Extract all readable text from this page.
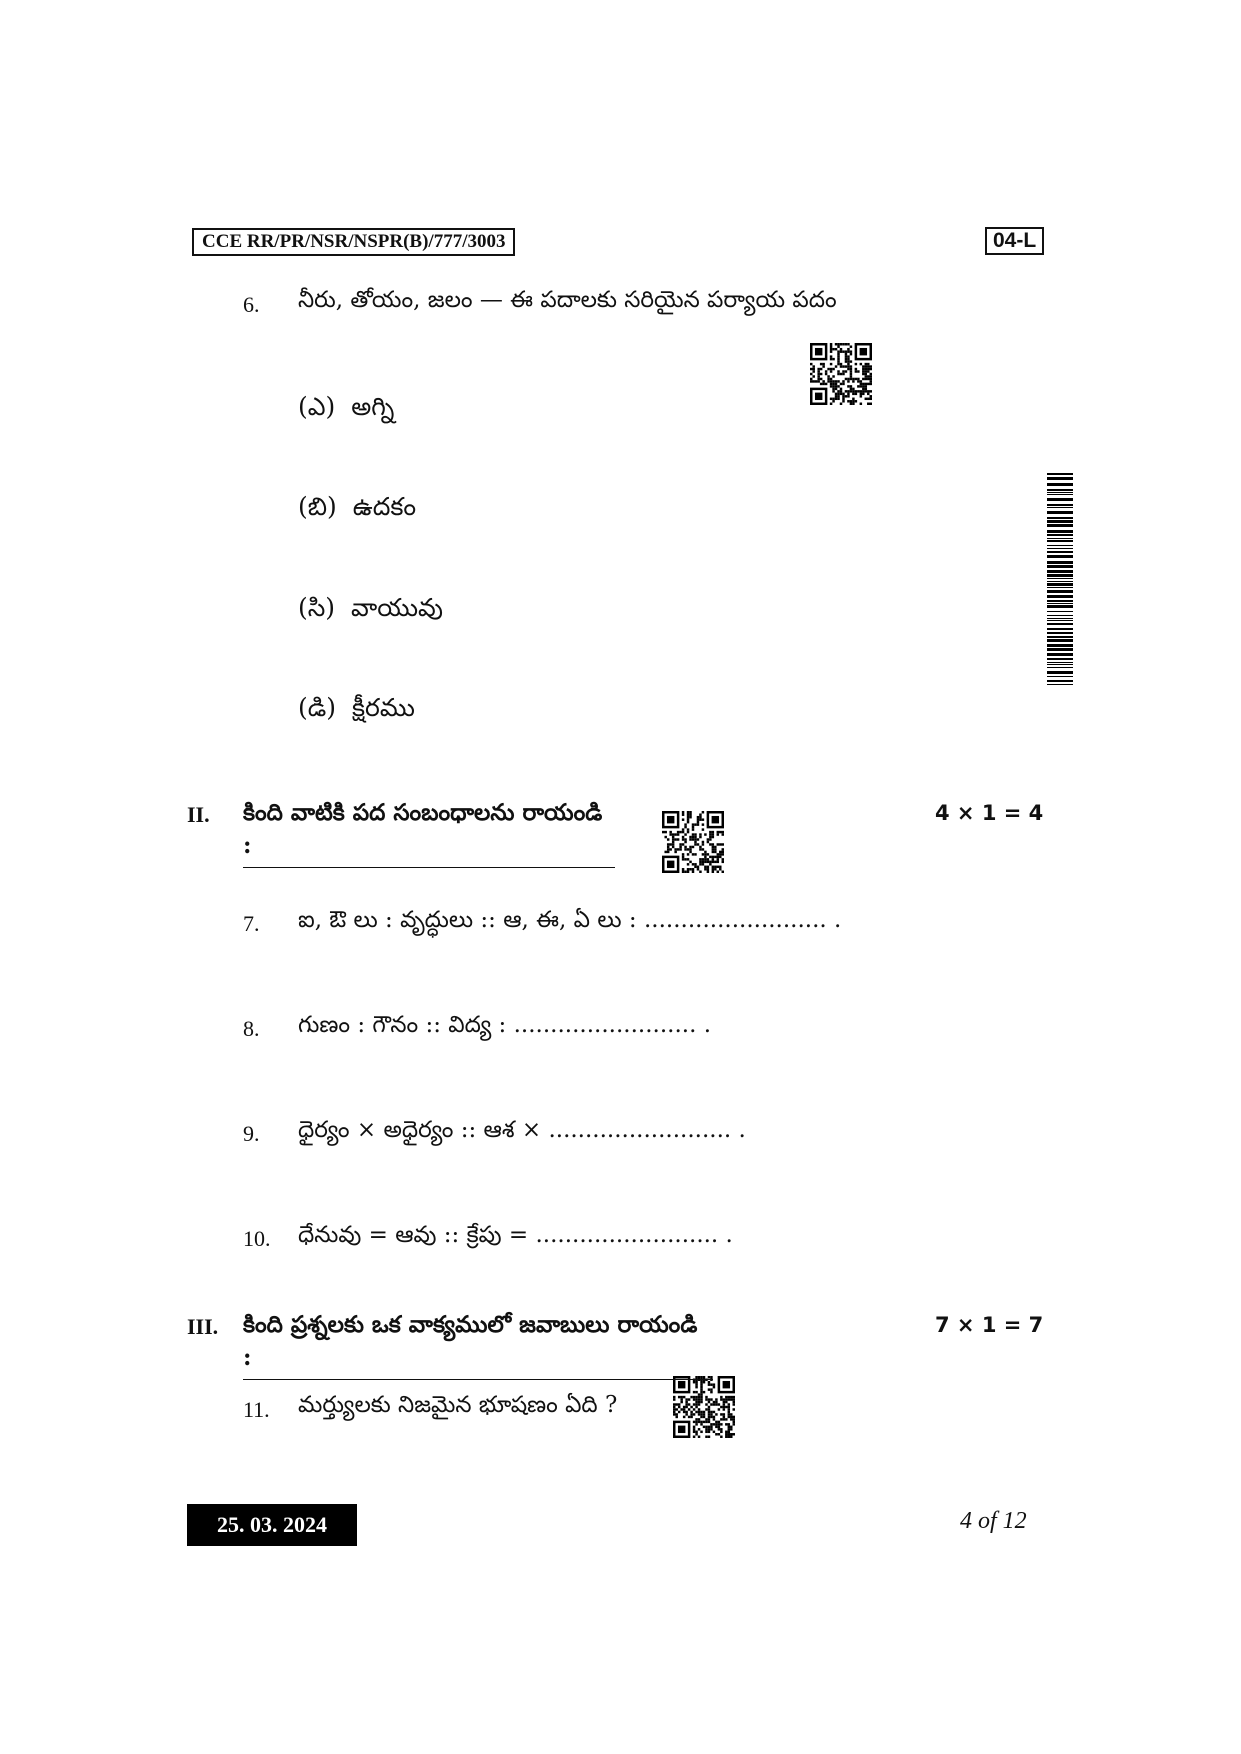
CCE RR/PR/NSR/NSPR(B)/777/3003	04-L
6. నీరు, తోయం, జలం — ఈ పదాలకు సరియైన పర్యాయ పదం
(ఎ) అగ్ని
(బి) ఉదకం
(సి) వాయువు
(డి) క్షీరము
II. కింది వాటికి పద సంబంధాలను రాయండి :
4 × 1 = 4
7. ఐ, ఔ లు : వృద్ధులు :: ఆ, ఈ, ఏ లు : ......................... .
8. గుణం : గౌనం :: విద్య : ......................... .
9. ధైర్యం × అధైర్యం :: ఆశ × ......................... .
10. ధేనువు = ఆవు :: క్రేపు = ......................... .
III. కింది ప్రశ్నలకు ఒక వాక్యములో జవాబులు రాయండి :
7 × 1 = 7
11. మర్త్యులకు నిజమైన భూషణం ఏది ?
25. 03. 2024	4 of 12
